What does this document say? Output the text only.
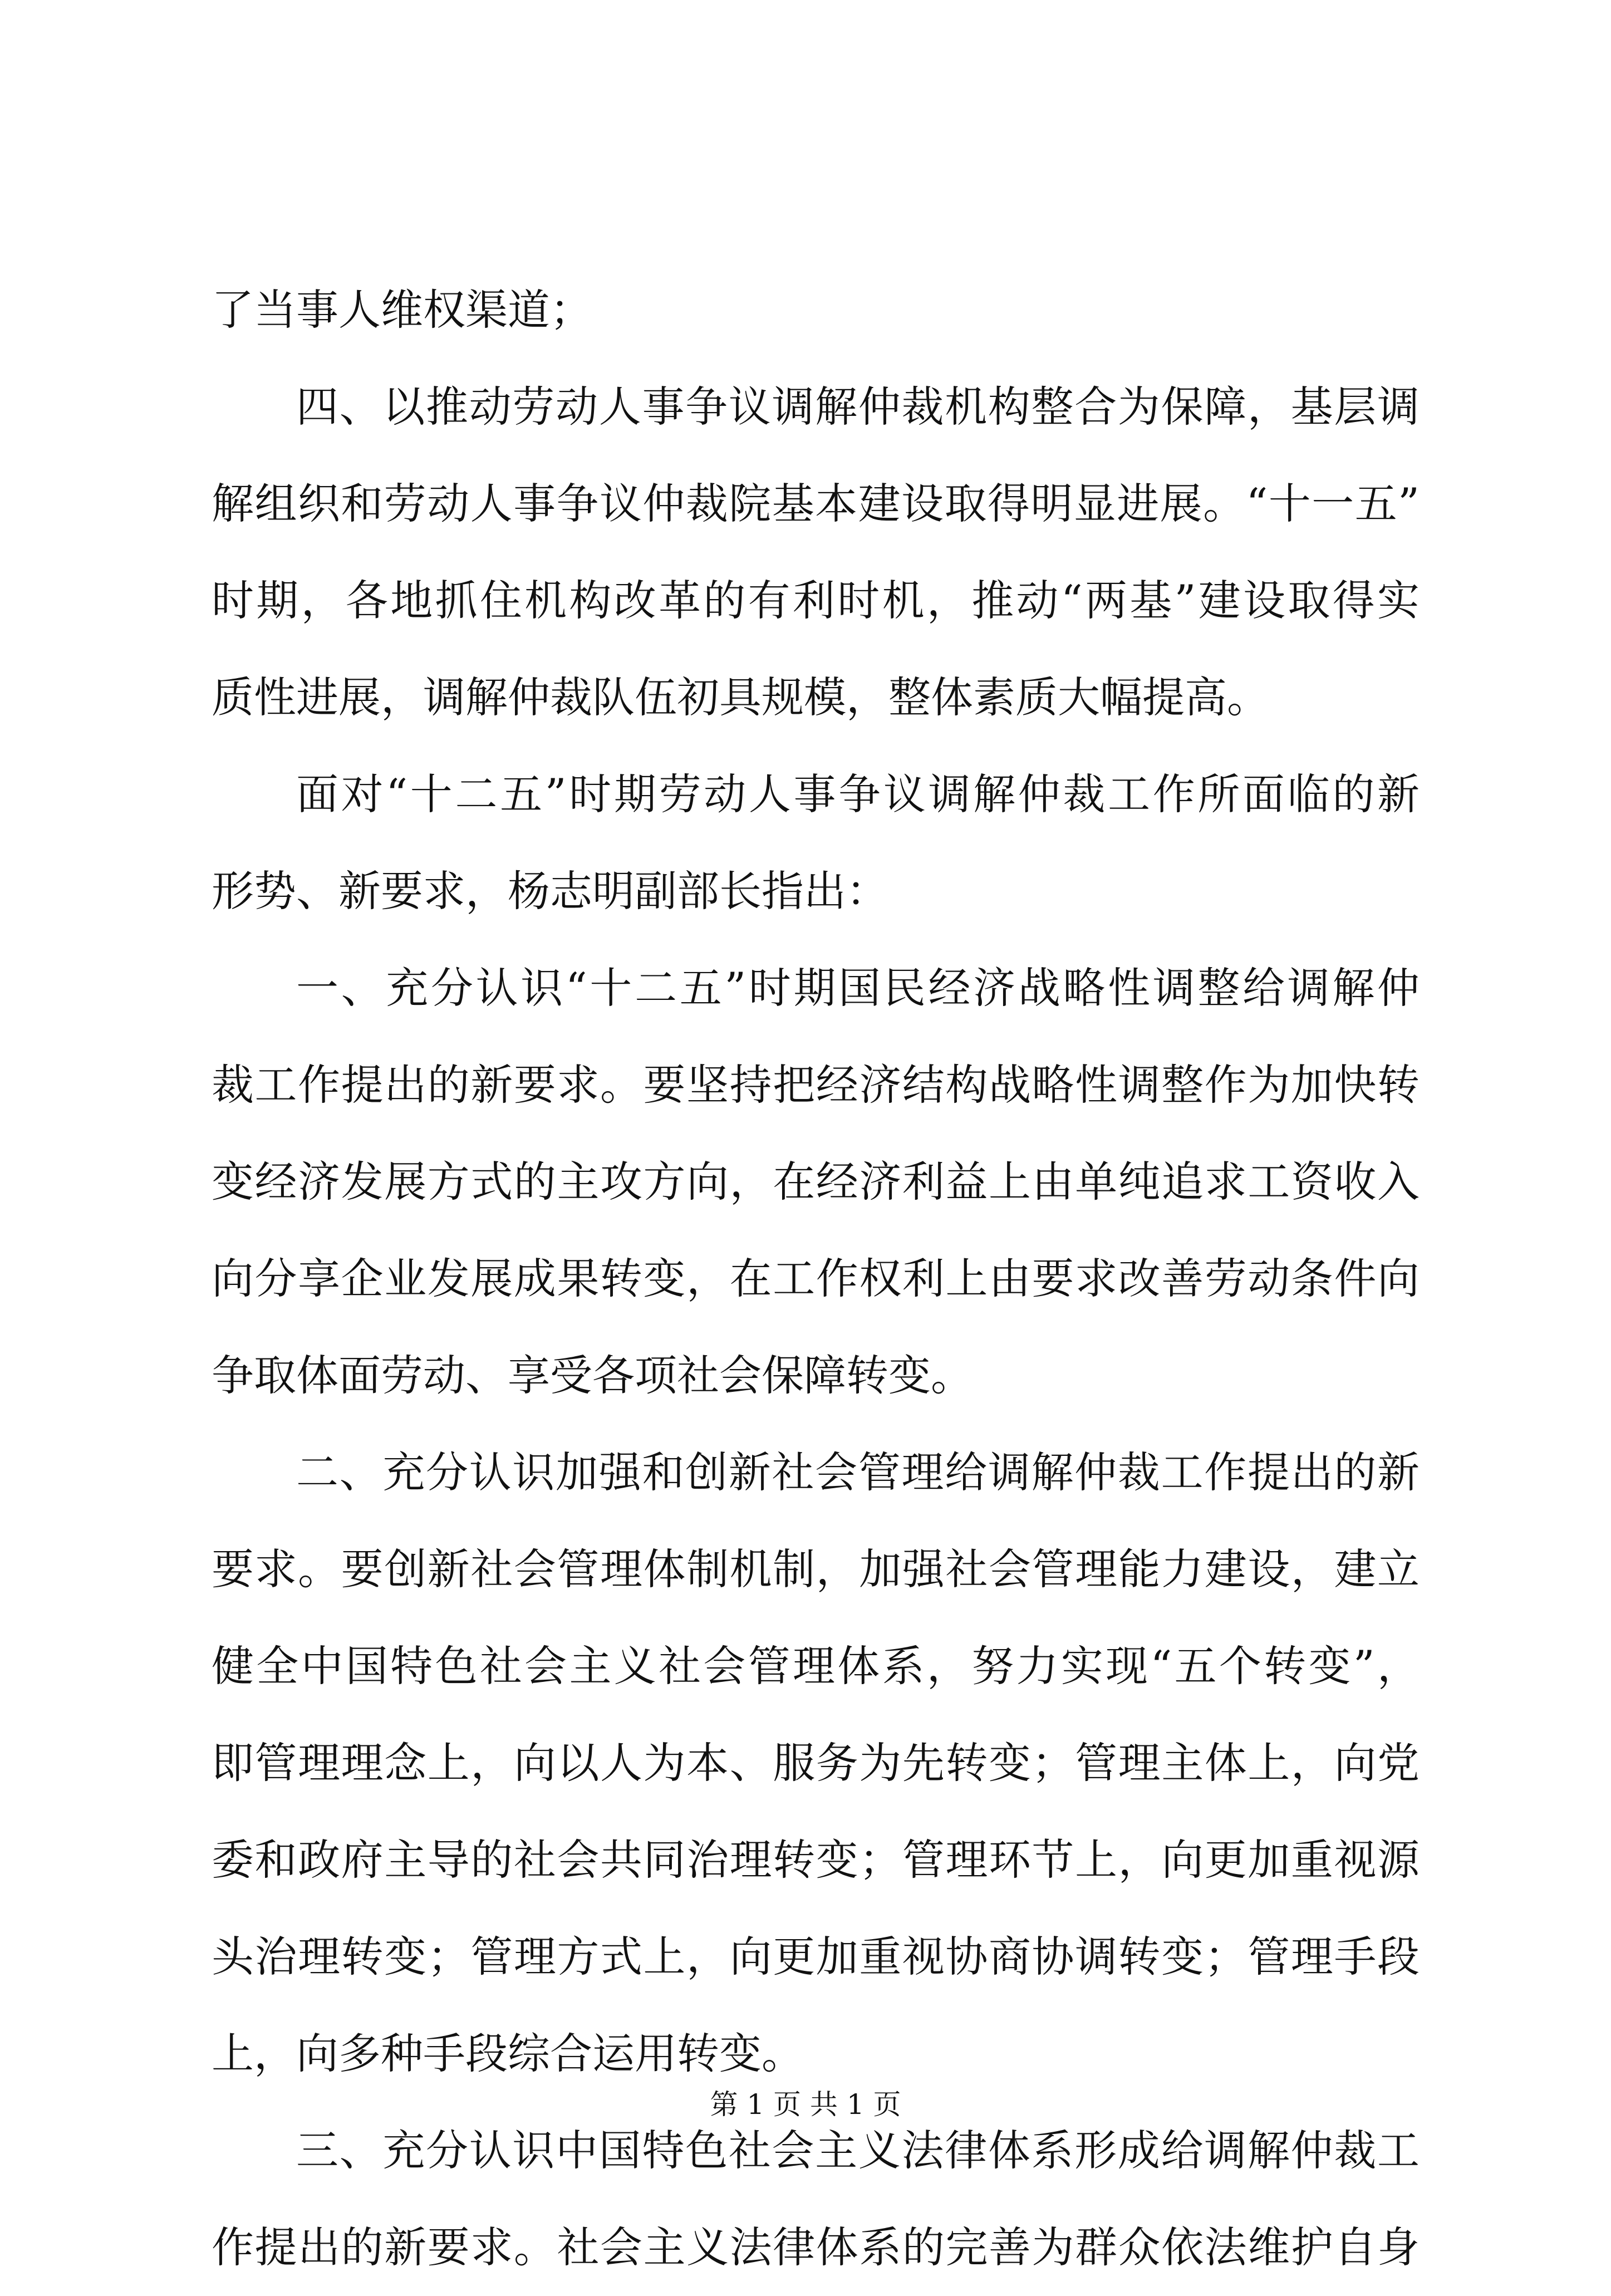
了当事人维权渠道；
四、以推动劳动人事争议调解仲裁机构整合为保障，基层调
解组织和劳动人事争议仲裁院基本建设取得明显进展。“十一五”
时期，各地抓住机构改革的有利时机，推动“两基”建设取得实
质性进展，调解仲裁队伍初具规模，整体素质大幅提高。
面对“十二五”时期劳动人事争议调解仲裁工作所面临的新
形势、新要求，杨志明副部长指出：
一、充分认识“十二五”时期国民经济战略性调整给调解仲
裁工作提出的新要求。要坚持把经济结构战略性调整作为加快转
变经济发展方式的主攻方向，在经济利益上由单纯追求工资收入
向分享企业发展成果转变，在工作权利上由要求改善劳动条件向
争取体面劳动、享受各项社会保障转变。
二、充分认识加强和创新社会管理给调解仲裁工作提出的新
要求。要创新社会管理体制机制，加强社会管理能力建设，建立
健全中国特色社会主义社会管理体系，努力实现“五个转变”，
即管理理念上，向以人为本、服务为先转变；管理主体上，向党
委和政府主导的社会共同治理转变；管理环节上，向更加重视源
头治理转变；管理方式上，向更加重视协商协调转变；管理手段
上，向多种手段综合运用转变。
三、充分认识中国特色社会主义法律体系形成给调解仲裁工
作提出的新要求。社会主义法律体系的完善为群众依法维护自身
第 1 页 共 1 页
